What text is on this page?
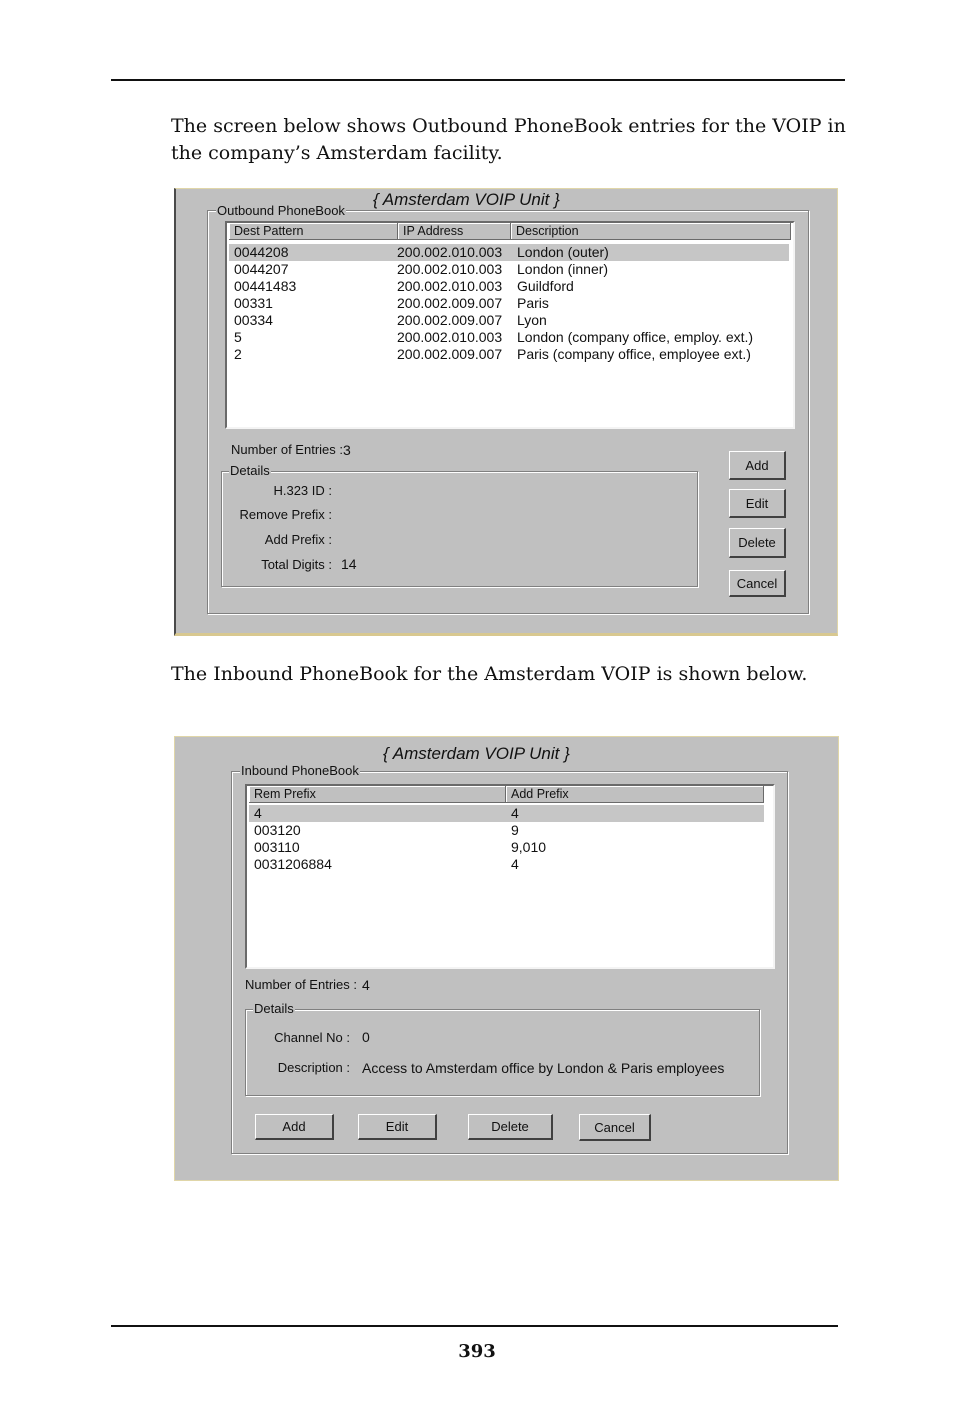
The screen below shows Outbound PhoneBook entries for the VOIP in
the company’s Amsterdam facility.
Outbound PhoneBook
{ Amsterdam VOIP Unit }
Dest Pattern	IP Address	Description
0044208	200.002.010.003 London (outer)
0044207	200.002.010.003 London (inner)
00441483	200.002.010.003 Guildford
00331	200.002.009.007 Paris
00334	200.002.009.007 Lyon
5	200.002.010.003 London (company office, employ. ext.)
2	200.002.009.007 Paris (company office, employee ext.)
Number of Entries : 3
Details
H.323 ID :
Remove Prefix :
Add Prefix :
Total Digits : 14
Add
Edit
Delete
Cancel
The Inbound PhoneBook for the Amsterdam VOIP is shown below.
{ Amsterdam VOIP Unit }
Inbound PhoneBook
Rem Prefix	Add Prefix
4	4
003120	9
003110	9,010
0031206884	4
Number of Entries : 4
Details
Channel No : 0
Description : Access to Amsterdam office by London & Paris employees
Add	Edit	Delete	Cancel
393
